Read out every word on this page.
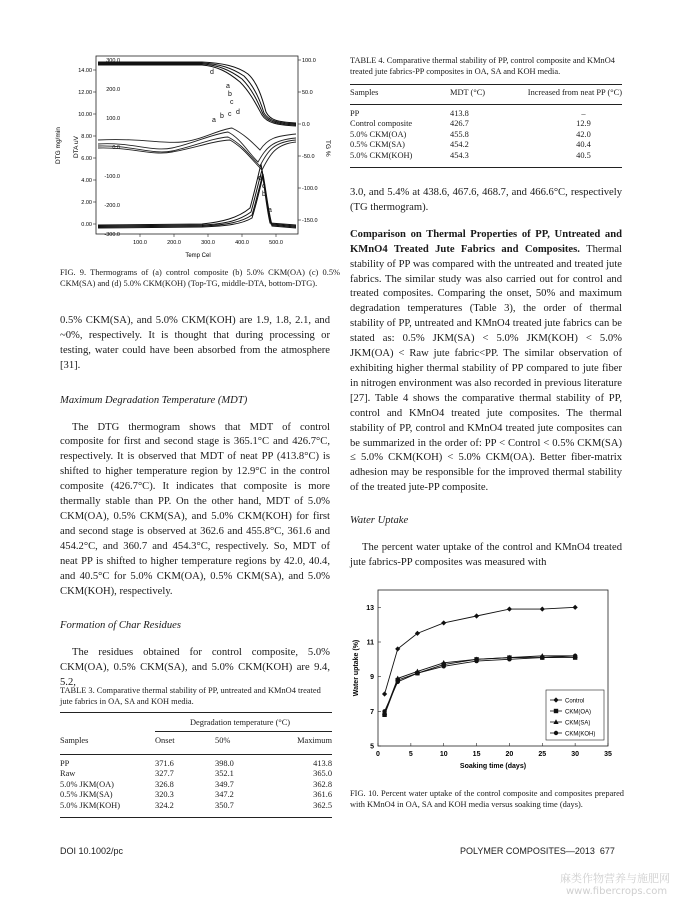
DTG mg/min DTA uV	TG %
Temp Cel
14.00
12.00
10.00
8.00
6.00
4.00
2.00
0.00
300.0
200.0
100.0
0.0
-100.0
-200.0
-300.0
100.0
50.0
0.0
-50.0
-100.0
-150.0
100.0	200.0	300.0	400.0	500.0
d
a
b
c
a
b c d
d
c
b
a
FIG. 9. Thermograms of (a) control composite (b) 5.0% CKM(OA) (c) 0.5% CKM(SA) and (d) 5.0% CKM(KOH) (Top-TG, middle-DTA, bottom-DTG).

0.5% CKM(SA), and 5.0% CKM(KOH) are 1.9, 1.8, 2.1, and ~0%, respectively. It is thought that during processing or testing, water could have been absorbed from the atmosphere [31].

Maximum Degradation Temperature (MDT)

The DTG thermogram shows that MDT of control composite for first and second stage is 365.1°C and 426.7°C, respectively. It is observed that MDT of neat PP (413.8°C) is shifted to higher temperature region by 12.9°C in the control composite (426.7°C). It indicates that composite is more thermally stable than PP. On the other hand, MDT of 5.0% CKM(OA), 0.5% CKM(SA), and 5.0% CKM(KOH) for first and second stage is observed at 362.6 and 455.8°C, 361.6 and 454.2°C, and 360.7 and 454.3°C, respectively. So, MDT of neat PP is shifted to higher temperature regions by 42.0, 40.4, and 40.5°C for 5.0% CKM(OA), 0.5% CKM(SA), and 5.0% CKM(KOH), respectively.

Formation of Char Residues

The residues obtained for control composite, 5.0% CKM(OA), 0.5% CKM(SA), and 5.0% CKM(KOH) are 9.4, 5.2,

TABLE 3. Comparative thermal stability of PP, untreated and KMnO4 treated jute fabrics in OA, SA and KOH media.
Degradation temperature (°C)
Samples	Onset	50%	Maximum
PP	371.6	398.0	413.8
Raw	327.7	352.1	365.0
5.0% JKM(OA)	326.8	349.7	362.8
0.5% JKM(SA)	320.3	347.2	361.6
5.0% JKM(KOH)	324.2	350.7	362.5
TABLE 4. Comparative thermal stability of PP, control composite and KMnO4 treated jute fabrics-PP composites in OA, SA and KOH media.
Samples	MDT (°C)	Increased from neat PP (°C)
PP	413.8	–
Control composite	426.7	12.9
5.0% CKM(OA)	455.8	42.0
0.5% CKM(SA)	454.2	40.4
5.0% CKM(KOH)	454.3	40.5

3.0, and 5.4% at 438.6, 467.6, 468.7, and 466.6°C, respectively (TG thermogram).

Comparison on Thermal Properties of PP, Untreated and KMnO4 Treated Jute Fabrics and Composites. Thermal stability of PP was compared with the untreated and treated jute fabrics. The similar study was also carried out for control and treated composites. Comparing the onset, 50% and maximum degradation temperatures (Table 3), the order of thermal stability of PP, untreated and KMnO4 treated jute fabrics can be stated as: 0.5% JKM(SA) < 5.0% JKM(KOH) < 5.0% JKM(OA) < Raw jute fabric<PP. The similar observation of exhibiting higher thermal stability of PP compared to jute fiber in nitrogen environment was also recorded in previous literature [27]. Table 4 shows the comparative thermal stability of PP, control and KMnO4 treated jute composites. The thermal stability of PP, control and KMnO4 treated jute composites can be summarized in the order of: PP < Control < 0.5% CKM(SA) ≤ 5.0% CKM(KOH) < 5.0% CKM(OA). Better fiber-matrix adhesion may be responsible for the improved thermal stability of the treated jute-PP composite.

Water Uptake

The percent water uptake of the control and KMnO4 treated jute fabrics-PP composites was measured with

0	5	10	15	20	25	30	35
5
7
9
11
13
Soaking time (days)
Water uptake (%)
Control
CKM(OA)
CKM(SA)
CKM(KOH)
FIG. 10. Percent water uptake of the control composite and composites prepared with KMnO4 in OA, SA and KOH media versus soaking time (days).
DOI 10.1002/pc	POLYMER COMPOSITES—2013 677
麻类作物营养与施肥网
www.fibercrops.com
